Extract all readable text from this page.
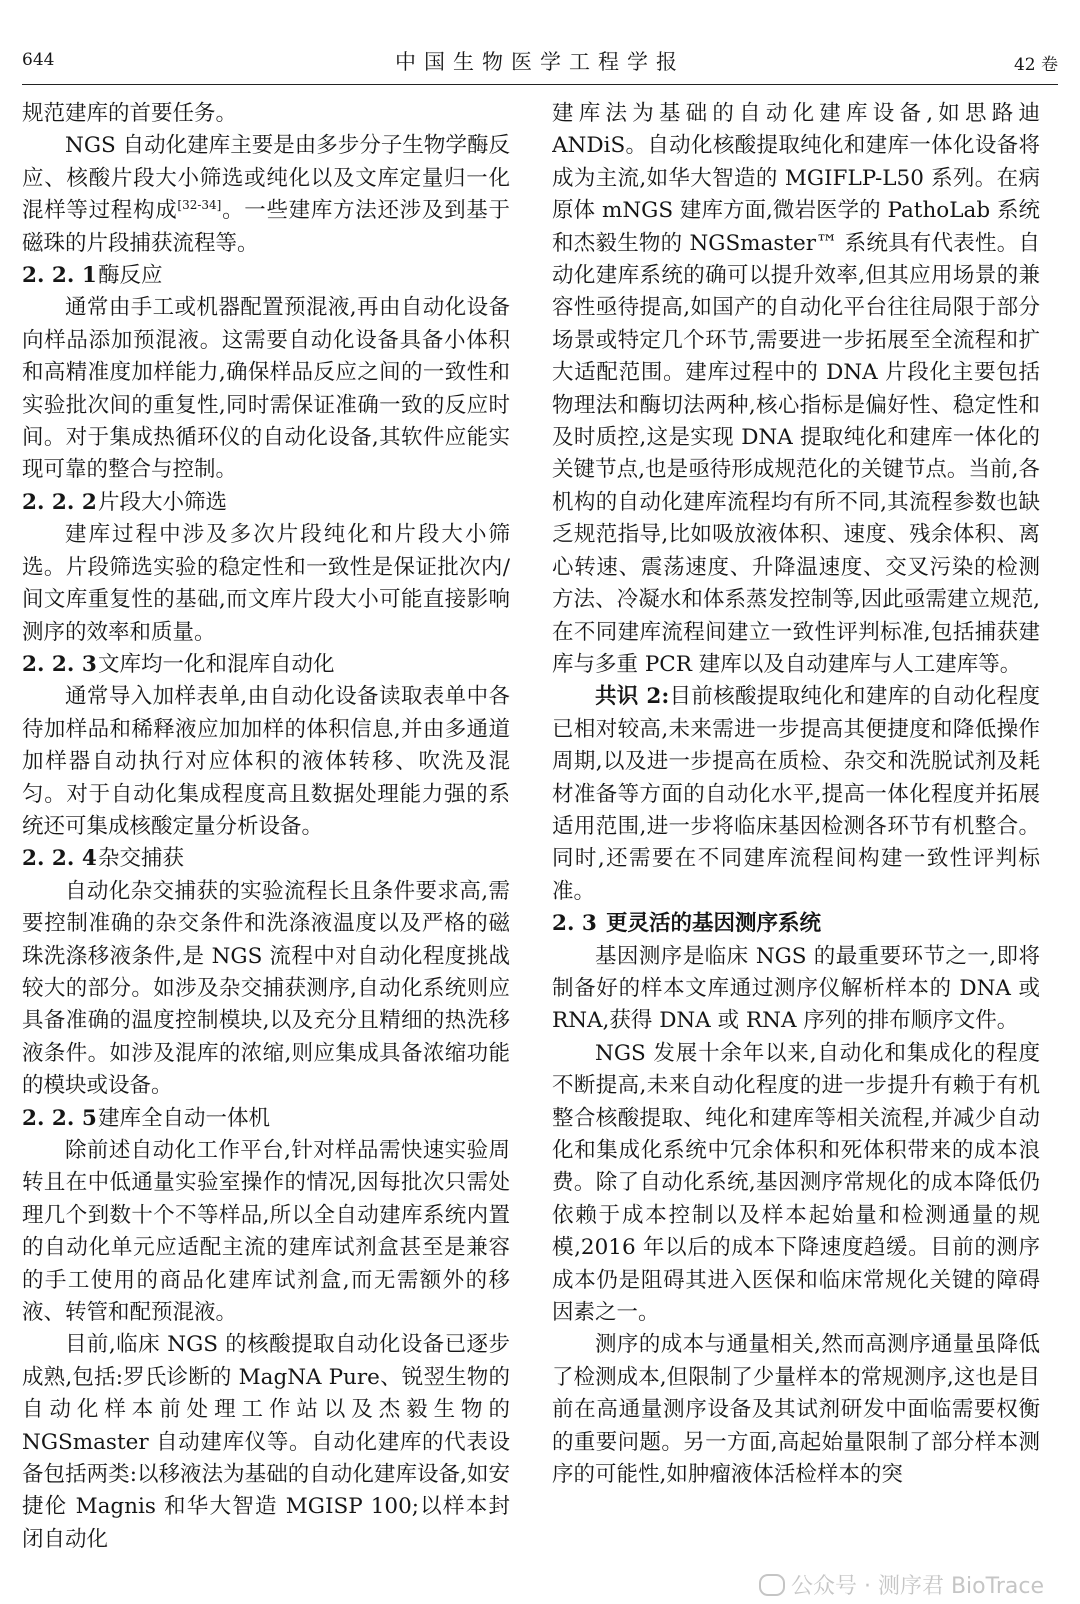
644	中国生物医学工程学报	42 卷

规范建库的首要任务。

NGS 自动化建库主要是由多步分子生物学酶反应、核酸片段大小筛选或纯化以及文库定量归一化混样等过程构成[32-34]。一些建库方法还涉及到基于磁珠的片段捕获流程等。

2. 2. 1酶反应

通常由手工或机器配置预混液,再由自动化设备向样品添加预混液。这需要自动化设备具备小体积和高精准度加样能力,确保样品反应之间的一致性和实验批次间的重复性,同时需保证准确一致的反应时间。对于集成热循环仪的自动化设备,其软件应能实现可靠的整合与控制。

2. 2. 2片段大小筛选

建库过程中涉及多次片段纯化和片段大小筛选。片段筛选实验的稳定性和一致性是保证批次内/间文库重复性的基础,而文库片段大小可能直接影响测序的效率和质量。

2. 2. 3文库均一化和混库自动化

通常导入加样表单,由自动化设备读取表单中各待加样品和稀释液应加加样的体积信息,并由多通道加样器自动执行对应体积的液体转移、吹洗及混匀。对于自动化集成程度高且数据处理能力强的系统还可集成核酸定量分析设备。

2. 2. 4杂交捕获

自动化杂交捕获的实验流程长且条件要求高,需要控制准确的杂交条件和洗涤液温度以及严格的磁珠洗涤移液条件,是 NGS 流程中对自动化程度挑战较大的部分。如涉及杂交捕获测序,自动化系统则应具备准确的温度控制模块,以及充分且精细的热洗移液条件。如涉及混库的浓缩,则应集成具备浓缩功能的模块或设备。

2. 2. 5建库全自动一体机

除前述自动化工作平台,针对样品需快速实验周转且在中低通量实验室操作的情况,因每批次只需处理几个到数十个不等样品,所以全自动建库系统内置的自动化单元应适配主流的建库试剂盒甚至是兼容的手工使用的商品化建库试剂盒,而无需额外的移液、转管和配预混液。

目前,临床 NGS 的核酸提取自动化设备已逐步成熟,包括:罗氏诊断的 MagNA Pure、锐翌生物的自动化样本前处理工作站以及杰毅生物的 NGSmaster 自动建库仪等。自动化建库的代表设备包括两类:以移液法为基础的自动化建库设备,如安捷伦 Magnis 和华大智造 MGISP 100;以样本封闭自动化

建库法为基础的自动化建库设备,如思路迪 ANDiS。自动化核酸提取纯化和建库一体化设备将成为主流,如华大智造的 MGIFLP-L50 系列。在病原体 mNGS 建库方面,微岩医学的 PathoLab 系统和杰毅生物的 NGSmaster™ 系统具有代表性。自动化建库系统的确可以提升效率,但其应用场景的兼容性亟待提高,如国产的自动化平台往往局限于部分场景或特定几个环节,需要进一步拓展至全流程和扩大适配范围。建库过程中的 DNA 片段化主要包括物理法和酶切法两种,核心指标是偏好性、稳定性和及时质控,这是实现 DNA 提取纯化和建库一体化的关键节点,也是亟待形成规范化的关键节点。当前,各机构的自动化建库流程均有所不同,其流程参数也缺乏规范指导,比如吸放液体积、速度、残余体积、离心转速、震荡速度、升降温速度、交叉污染的检测方法、冷凝水和体系蒸发控制等,因此亟需建立规范,在不同建库流程间建立一致性评判标准,包括捕获建库与多重 PCR 建库以及自动建库与人工建库等。

共识 2:目前核酸提取纯化和建库的自动化程度已相对较高,未来需进一步提高其便捷度和降低操作周期,以及进一步提高在质检、杂交和洗脱试剂及耗材准备等方面的自动化水平,提高一体化程度并拓展适用范围,进一步将临床基因检测各环节有机整合。同时,还需要在不同建库流程间构建一致性评判标准。

2. 3 更灵活的基因测序系统

基因测序是临床 NGS 的最重要环节之一,即将制备好的样本文库通过测序仪解析样本的 DNA 或 RNA,获得 DNA 或 RNA 序列的排布顺序文件。

NGS 发展十余年以来,自动化和集成化的程度不断提高,未来自动化程度的进一步提升有赖于有机整合核酸提取、纯化和建库等相关流程,并减少自动化和集成化系统中冗余体积和死体积带来的成本浪费。除了自动化系统,基因测序常规化的成本降低仍依赖于成本控制以及样本起始量和检测通量的规模,2016 年以后的成本下降速度趋缓。目前的测序成本仍是阻碍其进入医保和临床常规化关键的障碍因素之一。

测序的成本与通量相关,然而高测序通量虽降低了检测成本,但限制了少量样本的常规测序,这也是目前在高通量测序设备及其试剂研发中面临需要权衡的重要问题。另一方面,高起始量限制了部分样本测序的可能性,如肿瘤液体活检样本的突

公众号 · 测序君 BioTrace
